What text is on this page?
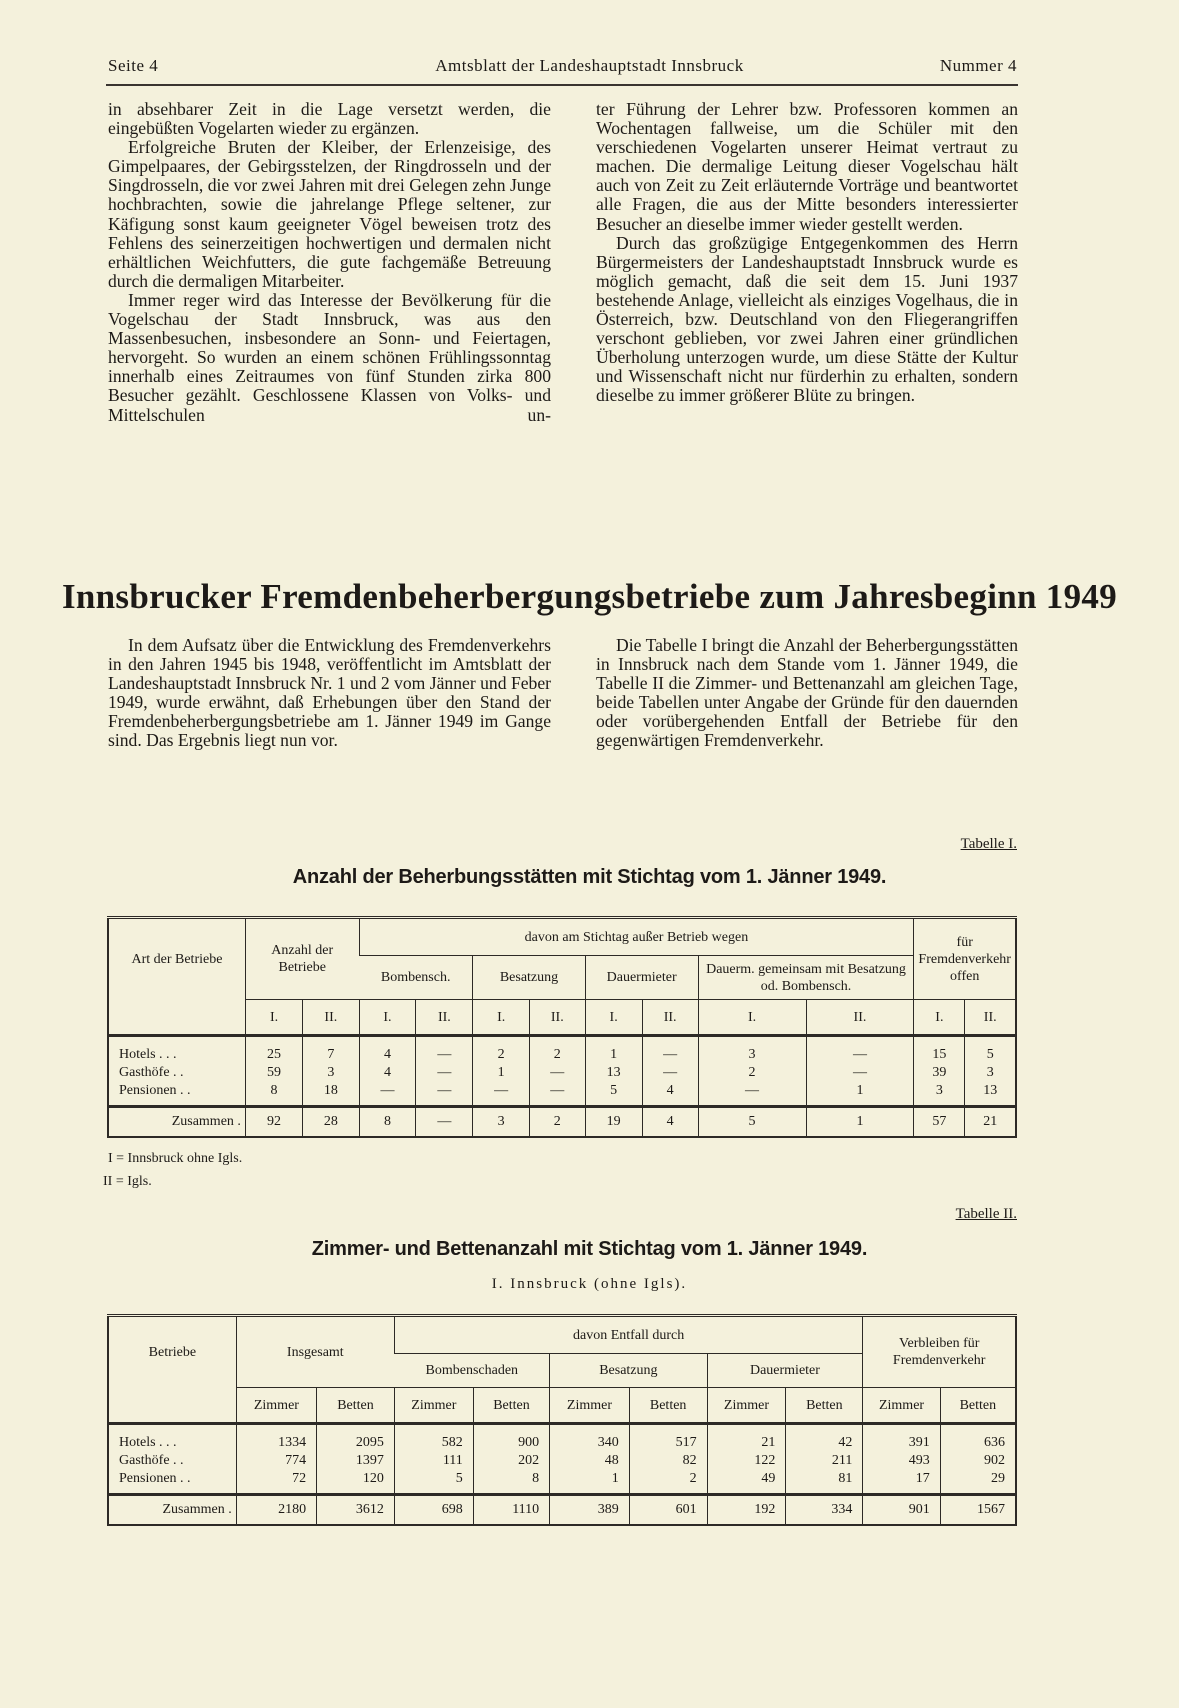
Seite 4	Amtsblatt der Landeshauptstadt Innsbruck	Nummer 4

in absehbarer Zeit in die Lage versetzt werden, die eingebüßten Vogelarten wieder zu ergänzen.

Erfolgreiche Bruten der Kleiber, der Erlenzeisige, des Gimpelpaares, der Gebirgsstelzen, der Ringdrosseln und der Singdrosseln, die vor zwei Jahren mit drei Gelegen zehn Junge hochbrachten, sowie die jahrelange Pflege seltener, zur Käfigung sonst kaum geeigneter Vögel beweisen trotz des Fehlens des seinerzeitigen hochwertigen und dermalen nicht erhältlichen Weichfutters, die gute fachgemäße Betreuung durch die dermaligen Mitarbeiter.

Immer reger wird das Interesse der Bevölkerung für die Vogelschau der Stadt Innsbruck, was aus den Massenbesuchen, insbesondere an Sonn- und Feiertagen, hervorgeht. So wurden an einem schönen Frühlingssonntag innerhalb eines Zeitraumes von fünf Stunden zirka 800 Besucher gezählt. Geschlossene Klassen von Volks- und Mittelschulen un-

ter Führung der Lehrer bzw. Professoren kommen an Wochentagen fallweise, um die Schüler mit den verschiedenen Vogelarten unserer Heimat vertraut zu machen. Die dermalige Leitung dieser Vogelschau hält auch von Zeit zu Zeit erläuternde Vorträge und beantwortet alle Fragen, die aus der Mitte besonders interessierter Besucher an dieselbe immer wieder gestellt werden.

Durch das großzügige Entgegenkommen des Herrn Bürgermeisters der Landeshauptstadt Innsbruck wurde es möglich gemacht, daß die seit dem 15. Juni 1937 bestehende Anlage, vielleicht als einziges Vogelhaus, die in Österreich, bzw. Deutschland von den Fliegerangriffen verschont geblieben, vor zwei Jahren einer gründlichen Überholung unterzogen wurde, um diese Stätte der Kultur und Wissenschaft nicht nur fürderhin zu erhalten, sondern dieselbe zu immer größerer Blüte zu bringen.

Innsbrucker Fremdenbeherbergungsbetriebe zum Jahresbeginn 1949

In dem Aufsatz über die Entwicklung des Fremdenverkehrs in den Jahren 1945 bis 1948, veröffentlicht im Amtsblatt der Landeshauptstadt Innsbruck Nr. 1 und 2 vom Jänner und Feber 1949, wurde erwähnt, daß Erhebungen über den Stand der Fremdenbeherbergungsbetriebe am 1. Jänner 1949 im Gange sind. Das Ergebnis liegt nun vor.

Die Tabelle I bringt die Anzahl der Beherbergungsstätten in Innsbruck nach dem Stande vom 1. Jänner 1949, die Tabelle II die Zimmer- und Bettenanzahl am gleichen Tage, beide Tabellen unter Angabe der Gründe für den dauernden oder vorübergehenden Entfall der Betriebe für den gegenwärtigen Fremdenverkehr.

Tabelle I.
Anzahl der Beherbungsstätten mit Stichtag vom 1. Jänner 1949.
Art der Betriebe	Anzahl der Betriebe		davon am Stichtag außer Betrieb wegen								für Fremdenverkehr offen	
			Bombensch.		Besatzung		Dauermieter		Dauerm. gemeinsam mit Besatzung od. Bombensch.			
	I.	II.	I.	II.	I.	II.	I.	II.	I.	II.	I.	II.
Hotels . . .	25	7	4	—	2	2	1	—	3	—	15	5
Gasthöfe . .	59	3	4	—	1	—	13	—	2	—	39	3
Pensionen . .	8	18	—	—	—	—	5	4	—	1	3	13
Zusammen .	92	28	8	—	3	2	19	4	5	1	57	21
I = Innsbruck ohne Igls.
II = Igls.
Tabelle II.
Zimmer- und Bettenanzahl mit Stichtag vom 1. Jänner 1949.
I. Innsbruck (ohne Igls).
Betriebe	Insgesamt		davon Entfall durch						Verbleiben für Fremdenverkehr	
			Bombenschaden		Besatzung		Dauermieter			
	Zimmer	Betten	Zimmer	Betten	Zimmer	Betten	Zimmer	Betten	Zimmer	Betten
Hotels . . .	1334	2095	582	900	340	517	21	42	391	636
Gasthöfe . .	774	1397	111	202	48	82	122	211	493	902
Pensionen . .	72	120	5	8	1	2	49	81	17	29
Zusammen .	2180	3612	698	1110	389	601	192	334	901	1567
